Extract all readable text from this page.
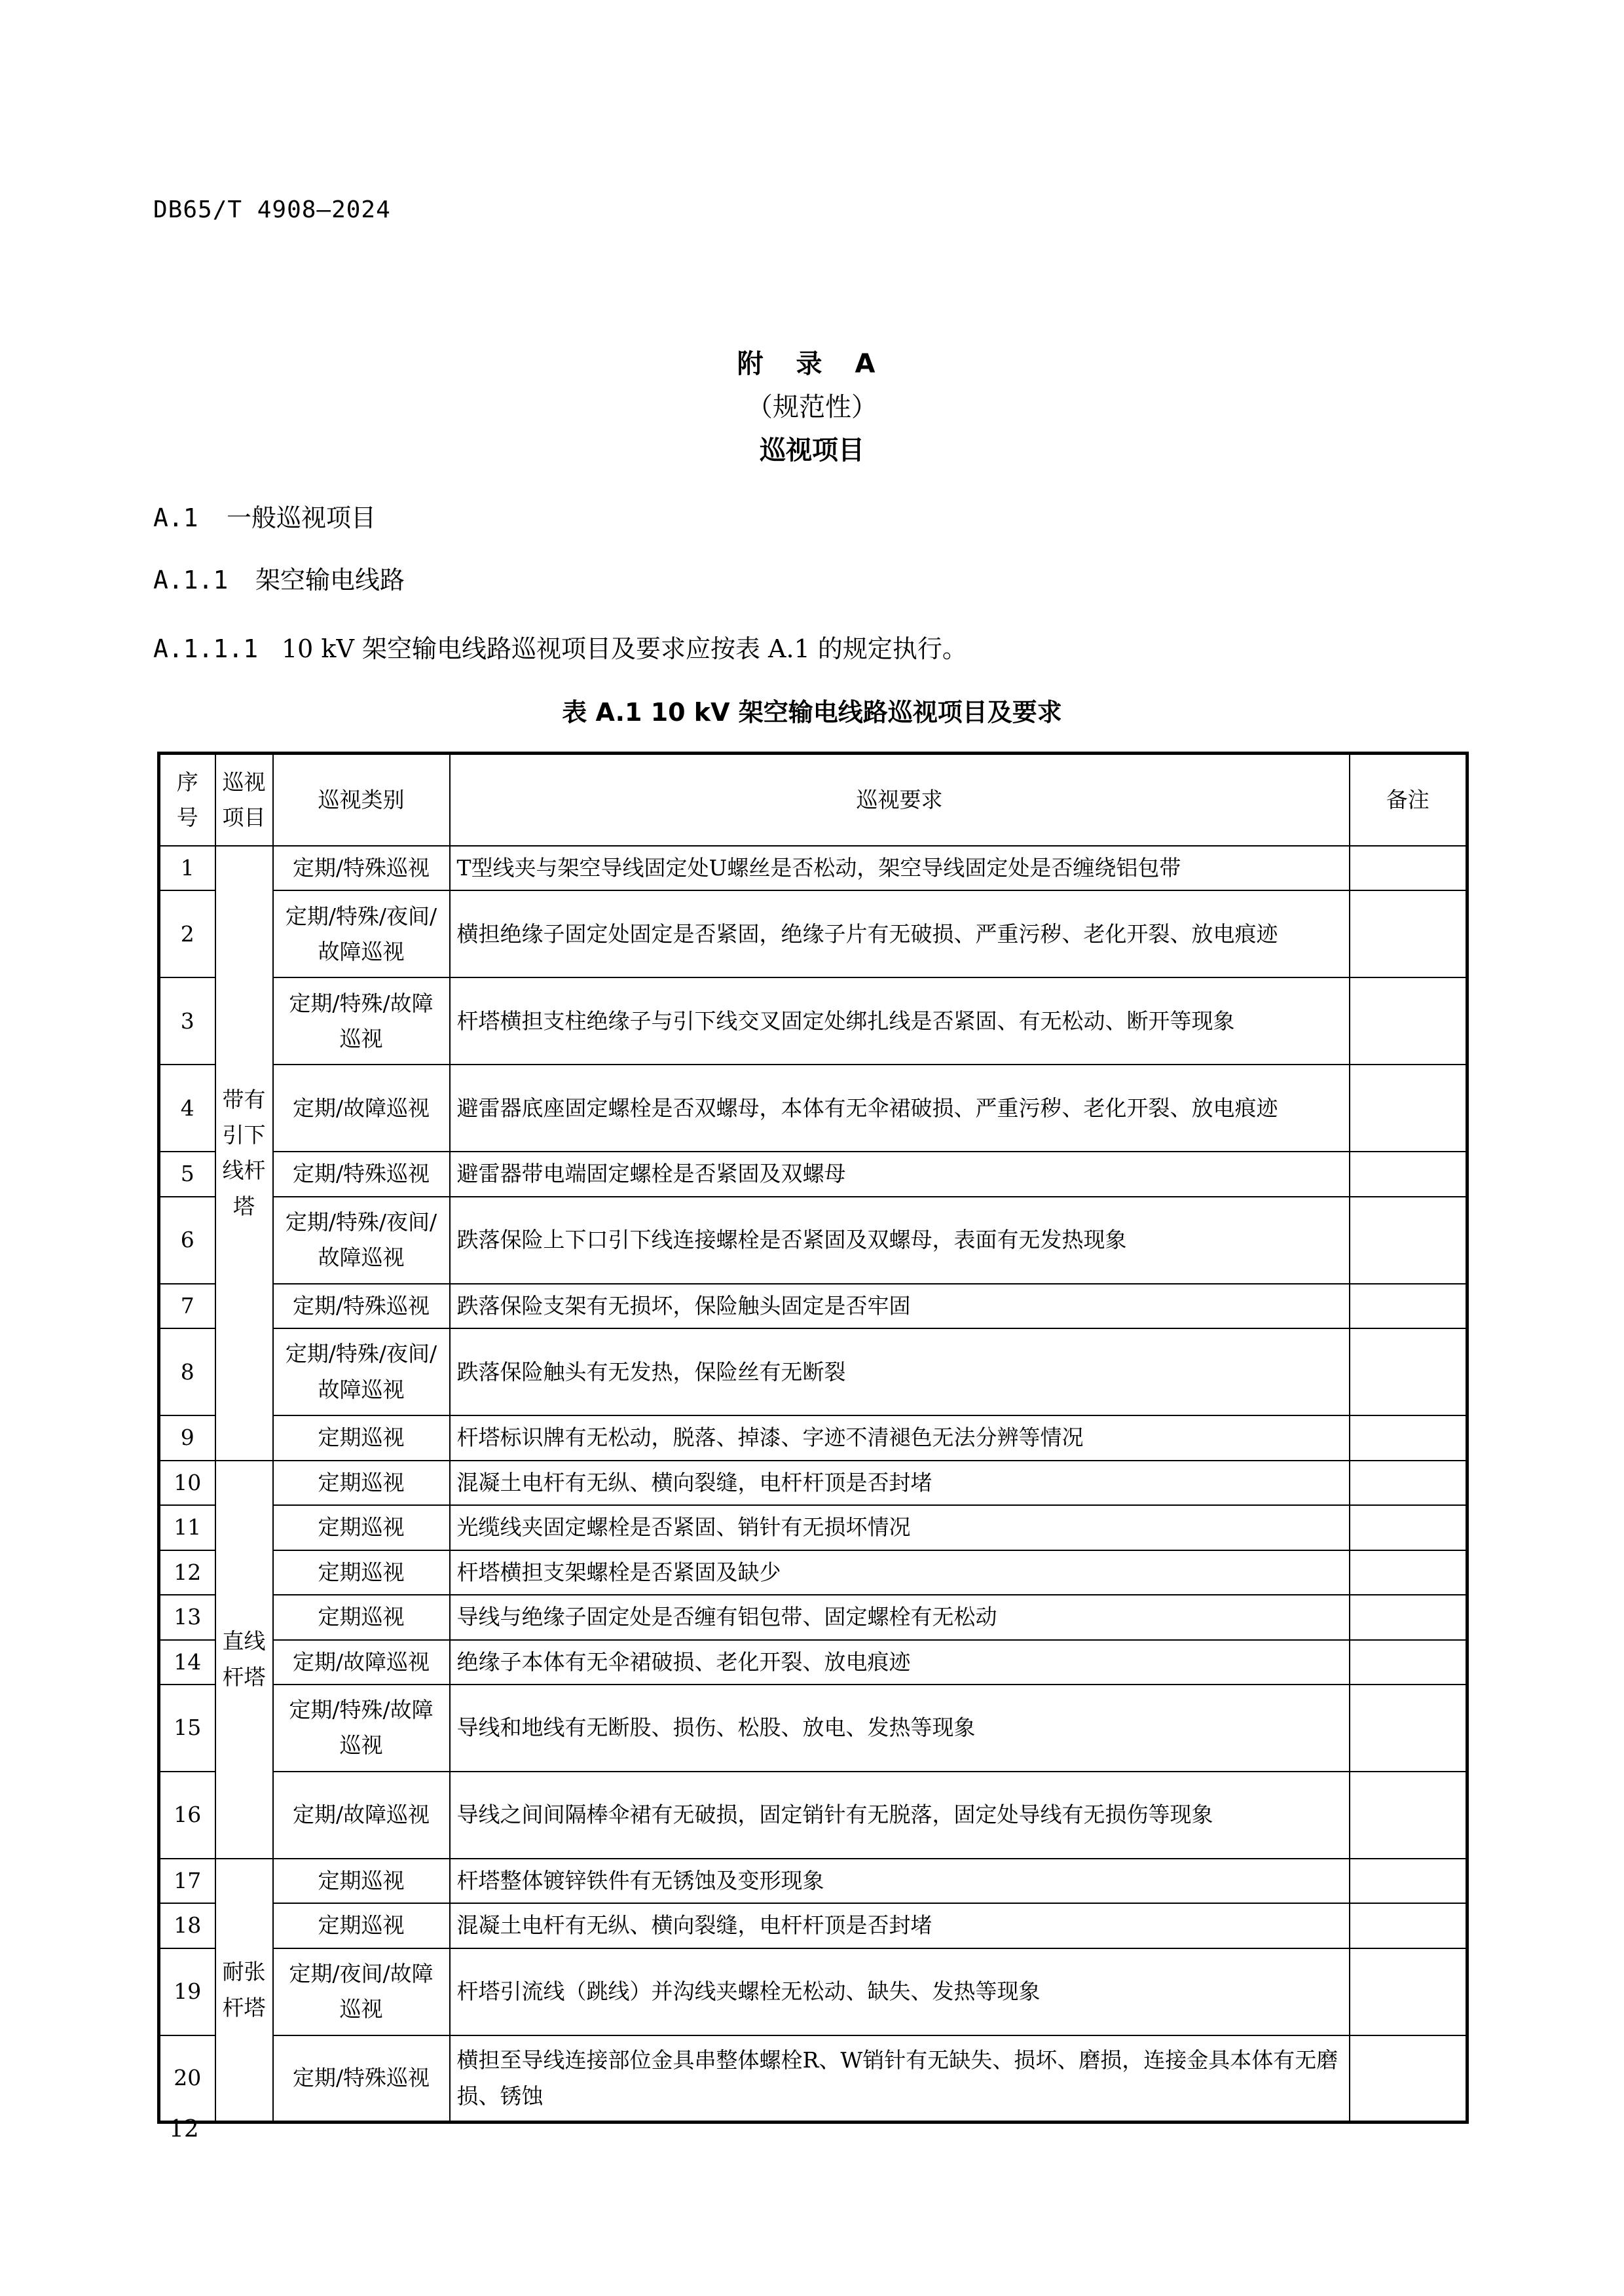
DB65/T 4908—2024
附 录 A
（规范性）
巡视项目
A.1 一般巡视项目
A.1.1 架空输电线路
A.1.1.1 10 kV 架空输电线路巡视项目及要求应按表 A.1 的规定执行。
表 A.1 10 kV 架空输电线路巡视项目及要求
序号	巡视项目	巡视类别	巡视要求	备注
1	带有引下线杆塔	定期/特殊巡视	T型线夹与架空导线固定处U螺丝是否松动，架空导线固定处是否缠绕铝包带	
2		定期/特殊/夜间/故障巡视	横担绝缘子固定处固定是否紧固，绝缘子片有无破损、严重污秽、老化开裂、放电痕迹	
3		定期/特殊/故障巡视	杆塔横担支柱绝缘子与引下线交叉固定处绑扎线是否紧固、有无松动、断开等现象	
4		定期/故障巡视	避雷器底座固定螺栓是否双螺母，本体有无伞裙破损、严重污秽、老化开裂、放电痕迹	
5		定期/特殊巡视	避雷器带电端固定螺栓是否紧固及双螺母	
6		定期/特殊/夜间/故障巡视	跌落保险上下口引下线连接螺栓是否紧固及双螺母，表面有无发热现象	
7		定期/特殊巡视	跌落保险支架有无损坏，保险触头固定是否牢固	
8		定期/特殊/夜间/故障巡视	跌落保险触头有无发热，保险丝有无断裂	
9		定期巡视	杆塔标识牌有无松动，脱落、掉漆、字迹不清褪色无法分辨等情况	
10	直线杆塔	定期巡视	混凝土电杆有无纵、横向裂缝，电杆杆顶是否封堵	
11		定期巡视	光缆线夹固定螺栓是否紧固、销针有无损坏情况	
12		定期巡视	杆塔横担支架螺栓是否紧固及缺少	
13		定期巡视	导线与绝缘子固定处是否缠有铝包带、固定螺栓有无松动	
14		定期/故障巡视	绝缘子本体有无伞裙破损、老化开裂、放电痕迹	
15		定期/特殊/故障巡视	导线和地线有无断股、损伤、松股、放电、发热等现象	
16		定期/故障巡视	导线之间间隔棒伞裙有无破损，固定销针有无脱落，固定处导线有无损伤等现象	
17	耐张杆塔	定期巡视	杆塔整体镀锌铁件有无锈蚀及变形现象	
18		定期巡视	混凝土电杆有无纵、横向裂缝，电杆杆顶是否封堵	
19		定期/夜间/故障巡视	杆塔引流线（跳线）并沟线夹螺栓无松动、缺失、发热等现象	
20		定期/特殊巡视	横担至导线连接部位金具串整体螺栓R、W销针有无缺失、损坏、磨损，连接金具本体有无磨损、锈蚀	
12
